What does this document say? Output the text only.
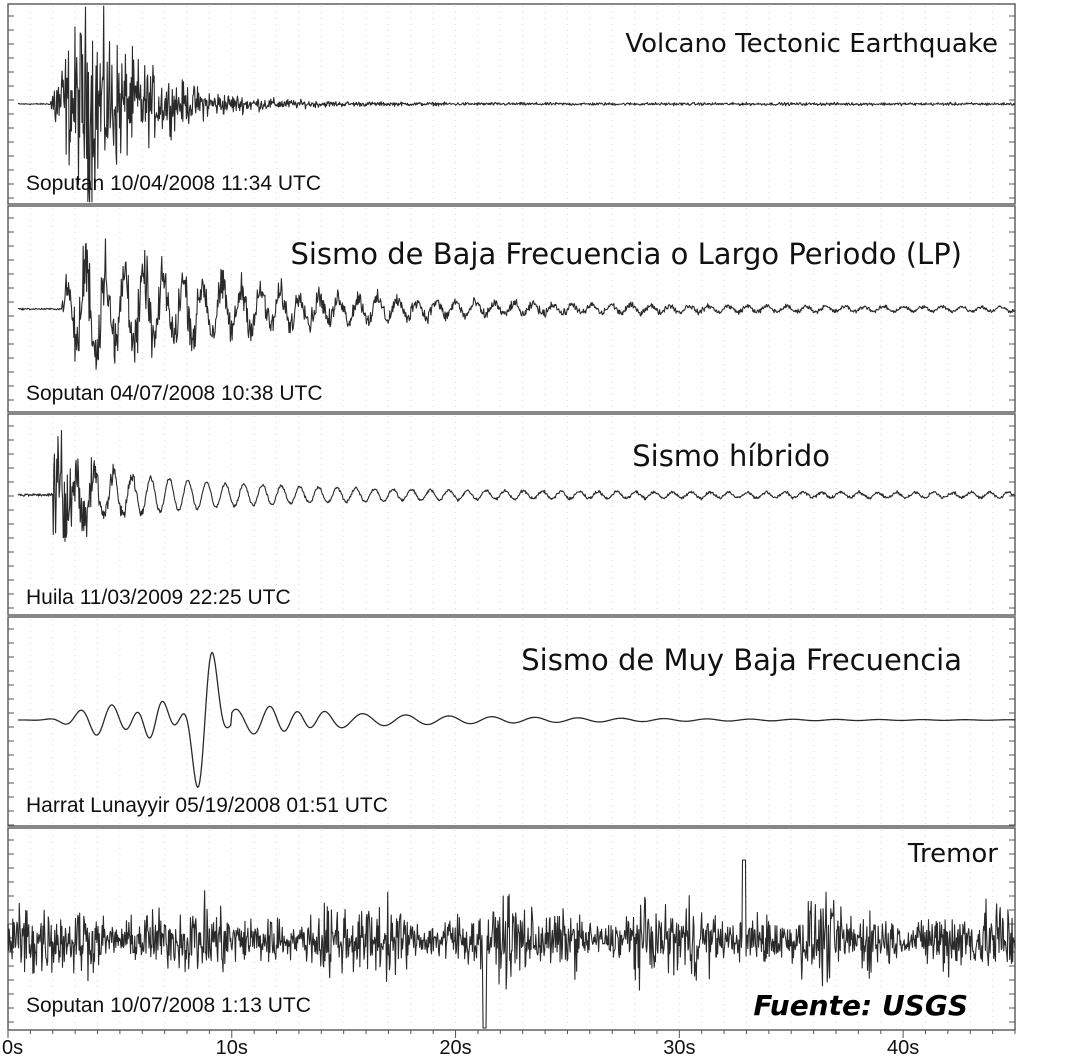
Volcano Tectonic Earthquake
Soputan 10/04/2008 11:34 UTC
Sismo de Baja Frecuencia o Largo Periodo (LP)
Soputan 04/07/2008 10:38 UTC
Sismo híbrido
Huila 11/03/2009 22:25 UTC
Sismo de Muy Baja Frecuencia
Harrat Lunayyir 05/19/2008 01:51 UTC
Tremor
Soputan 10/07/2008 1:13 UTC
0s	10s	20s	30s	40s
Fuente: USGS
